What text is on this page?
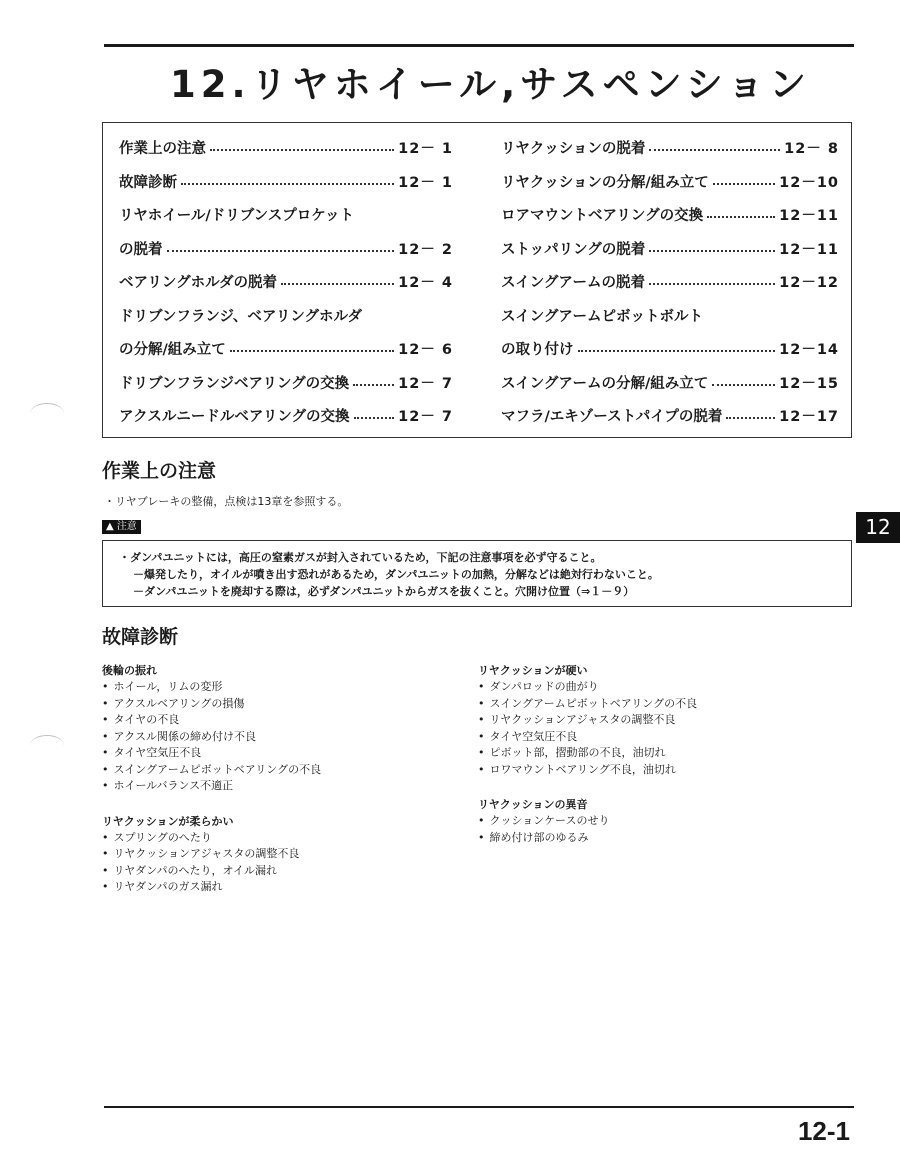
12.リヤホイール,サスペンション
作業上の注意	12－ 1
故障診断	12－ 1
リヤホイール/ドリブンスプロケット
の脱着	12－ 2
ベアリングホルダの脱着	12－ 4
ドリブンフランジ、ベアリングホルダ
の分解/組み立て	12－ 6
ドリブンフランジベアリングの交換	12－ 7
アクスルニードルベアリングの交換	12－ 7
リヤクッションの脱着	12－ 8
リヤクッションの分解/組み立て	12－10
ロアマウントベアリングの交換	12－11
ストッパリングの脱着	12－11
スイングアームの脱着	12－12
スイングアームピボットボルト
の取り付け	12－14
スイングアームの分解/組み立て	12－15
マフラ/エキゾーストパイプの脱着	12－17
作業上の注意
・リヤブレーキの整備，点検は13章を参照する。
▲ 注意
・ダンパユニットには，高圧の窒素ガスが封入されているため，下記の注意事項を必ず守ること。
－爆発したり，オイルが噴き出す恐れがあるため，ダンパユニットの加熱，分解などは絶対行わないこと。
－ダンパユニットを廃却する際は，必ずダンパユニットからガスを抜くこと。穴開け位置（⇒１－９）
12
故障診断
後輪の振れ
• ホイール，リムの変形
• アクスルベアリングの損傷
• タイヤの不良
• アクスル関係の締め付け不良
• タイヤ空気圧不良
• スイングアームピボットベアリングの不良
• ホイールバランス不適正
リヤクッションが柔らかい
• スプリングのへたり
• リヤクッションアジャスタの調整不良
• リヤダンパのへたり，オイル漏れ
• リヤダンパのガス漏れ
リヤクッションが硬い
• ダンパロッドの曲がり
• スイングアームピボットベアリングの不良
• リヤクッションアジャスタの調整不良
• タイヤ空気圧不良
• ピボット部，摺動部の不良，油切れ
• ロワマウントベアリング不良，油切れ
リヤクッションの異音
• クッションケースのせり
• 締め付け部のゆるみ
12-1
